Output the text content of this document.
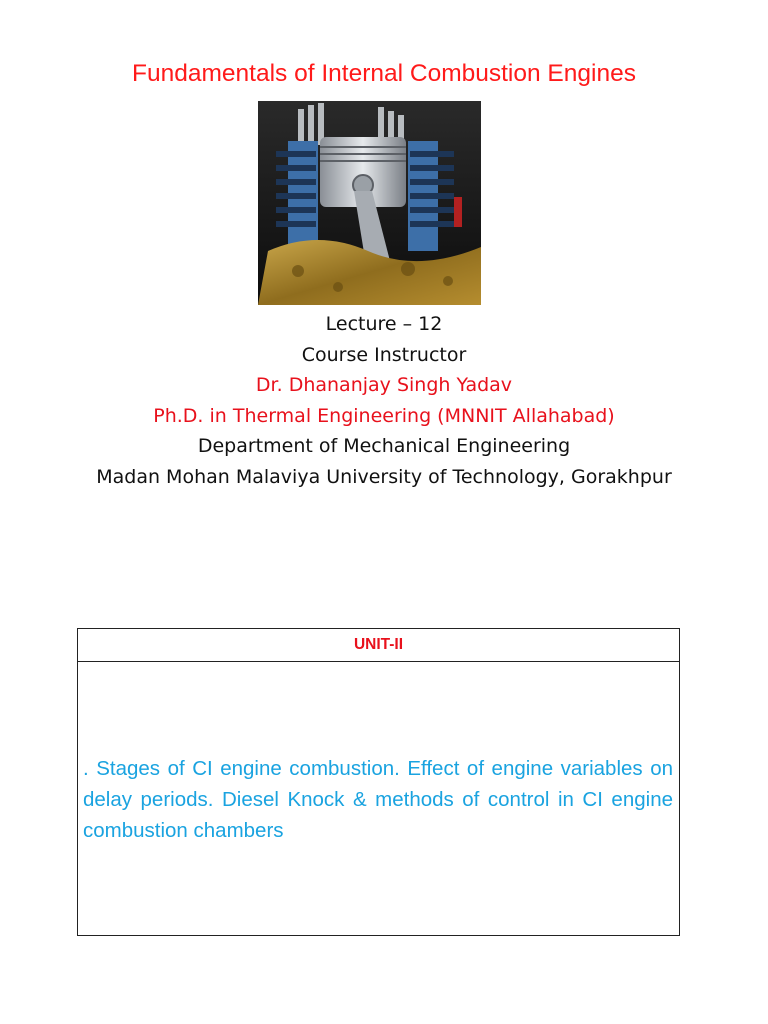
Fundamentals of Internal Combustion Engines
Lecture – 12
Course Instructor
Dr. Dhananjay Singh Yadav
Ph.D. in Thermal Engineering (MNNIT Allahabad)
Department of Mechanical Engineering
Madan Mohan Malaviya University of Technology, Gorakhpur
UNIT-II
. Stages of CI engine combustion. Effect of engine variables on delay periods. Diesel Knock & methods of control in CI engine combustion chambers
